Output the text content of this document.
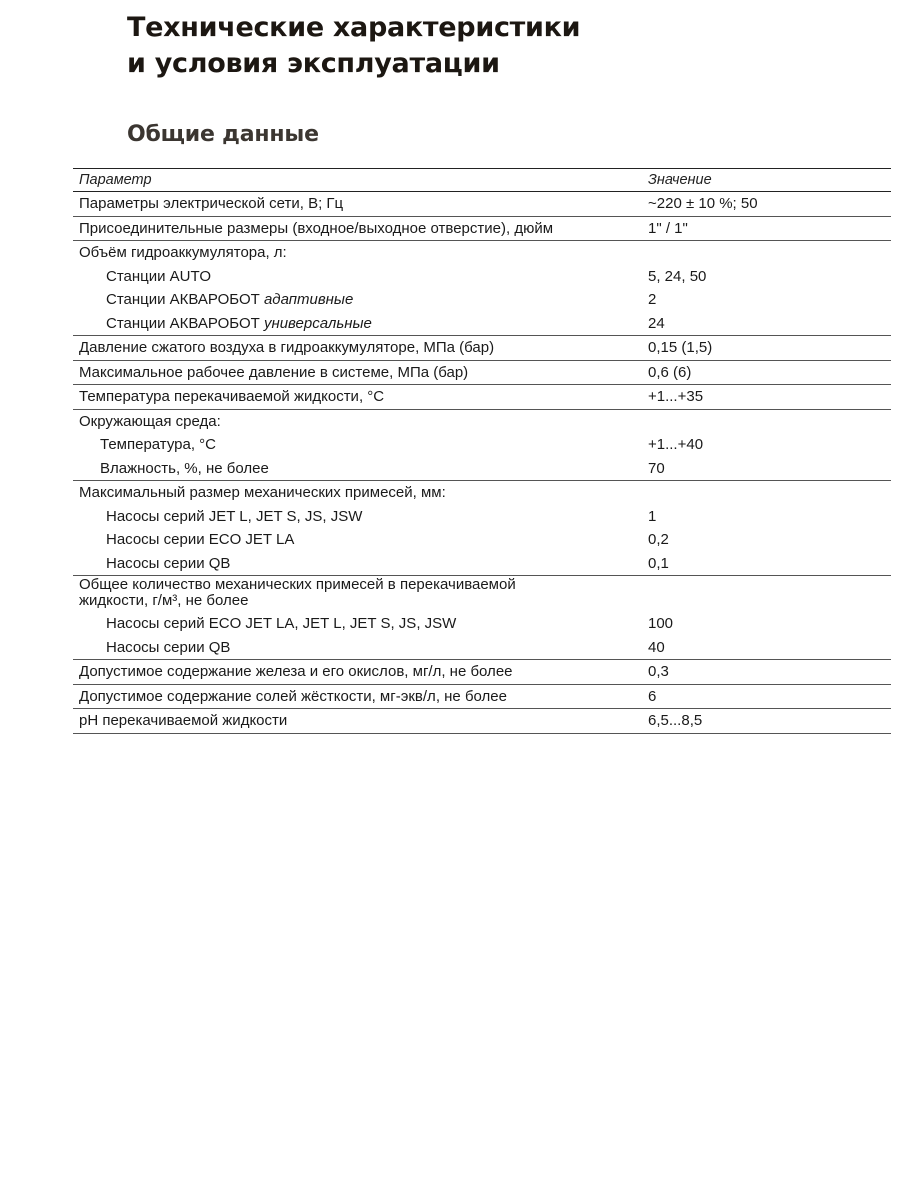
Технические характеристики
и условия эксплуатации
Общие данные
Параметр	Значение
Параметры электрической сети, В; Гц	~220 ± 10 %; 50
Присоединительные размеры (входное/выходное отверстие), дюйм	1" / 1"
Объём гидроаккумулятора, л:
Станции AUTO	5, 24, 50
Станции АКВАРОБОТ адаптивные	2
Станции АКВАРОБОТ универсальные	24
Давление сжатого воздуха в гидроаккумуляторе, МПа (бар)	0,15 (1,5)
Максимальное рабочее давление в системе, МПа (бар)	0,6 (6)
Температура перекачиваемой жидкости, °С	+1...+35
Окружающая среда:
Температура, °С	+1...+40
Влажность, %, не более	70
Максимальный размер механических примесей, мм:
Насосы серий JET L, JET S, JS, JSW	1
Насосы серии ECO JET LA	0,2
Насосы серии QB	0,1
Общее количество механических примесей в перекачиваемой жидкости, г/м³, не более
Насосы серий ECO JET LA, JET L, JET S, JS, JSW	100
Насосы серии QB	40
Допустимое содержание железа и его окислов, мг/л, не более	0,3
Допустимое содержание солей жёсткости, мг-экв/л, не более	6
pH перекачиваемой жидкости	6,5...8,5
